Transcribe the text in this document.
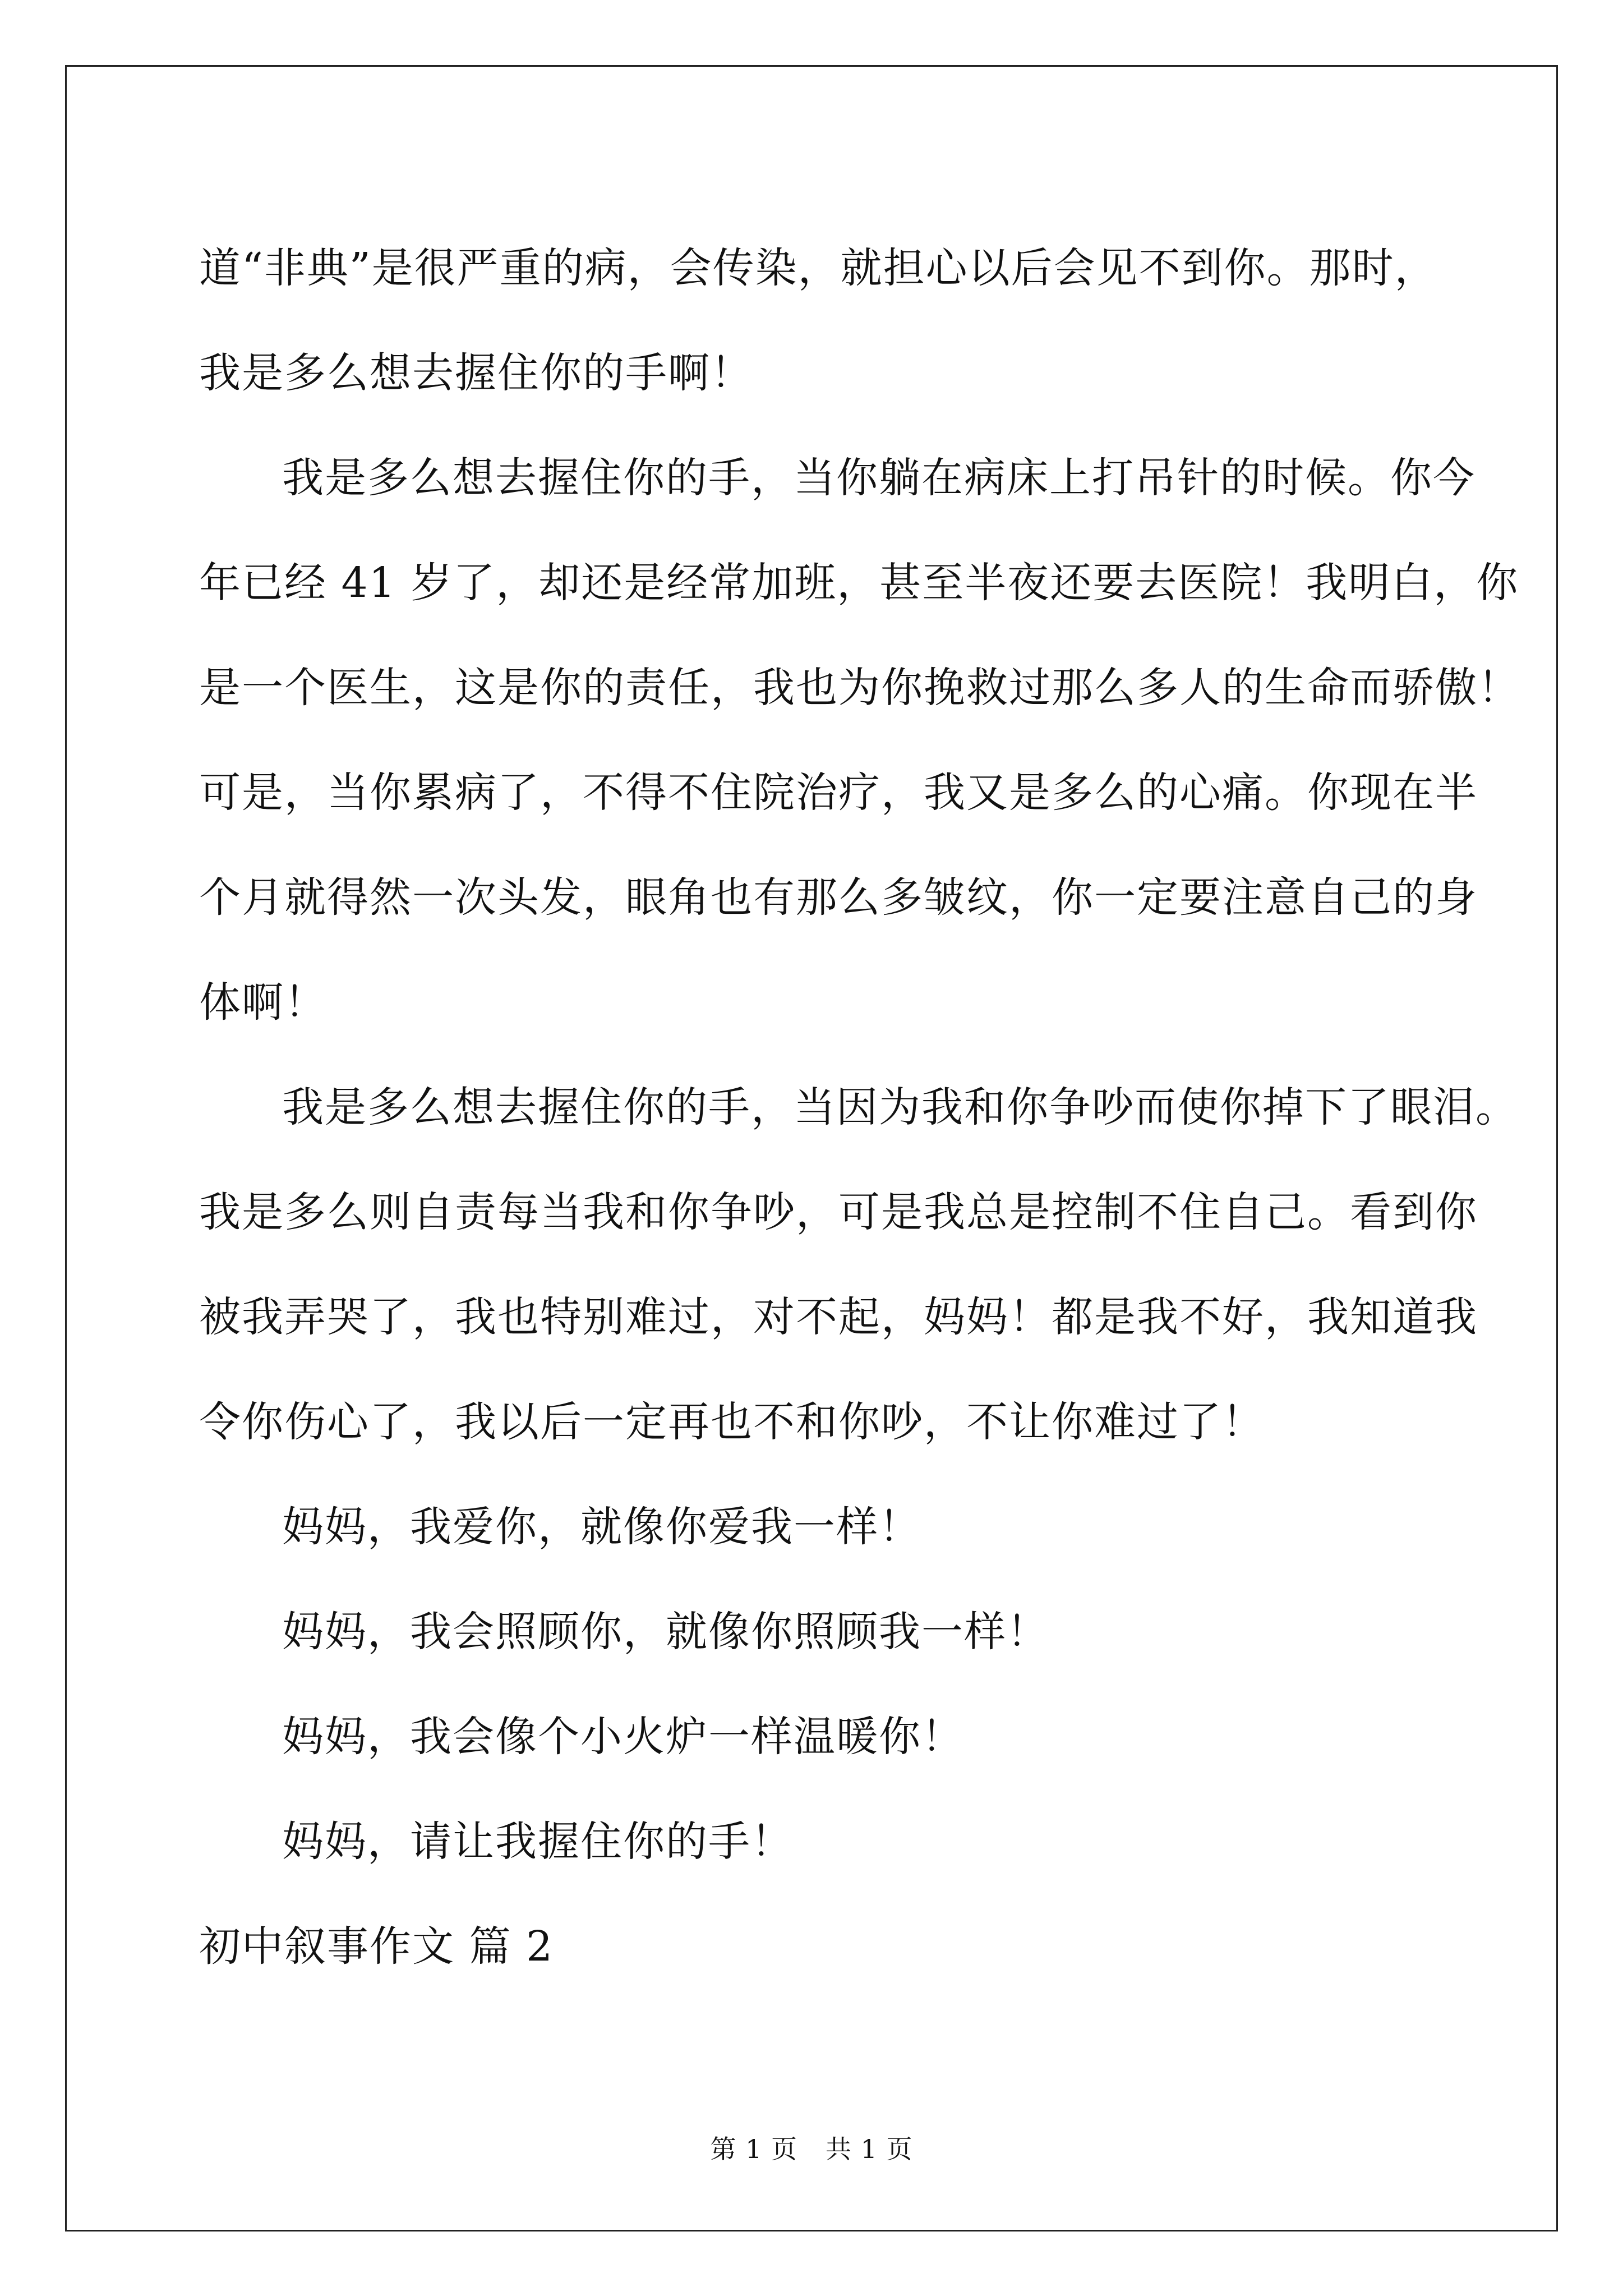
道“非典”是很严重的病，会传染，就担心以后会见不到你。那时，
我是多么想去握住你的手啊！
我是多么想去握住你的手，当你躺在病床上打吊针的时候。你今
年已经 41 岁了，却还是经常加班，甚至半夜还要去医院！我明白，你
是一个医生，这是你的责任，我也为你挽救过那么多人的生命而骄傲！
可是，当你累病了，不得不住院治疗，我又是多么的心痛。你现在半
个月就得然一次头发，眼角也有那么多皱纹，你一定要注意自己的身
体啊！
我是多么想去握住你的手，当因为我和你争吵而使你掉下了眼泪。
我是多么则自责每当我和你争吵，可是我总是控制不住自己。看到你
被我弄哭了，我也特别难过，对不起，妈妈！都是我不好，我知道我
令你伤心了，我以后一定再也不和你吵，不让你难过了！
妈妈，我爱你，就像你爱我一样！
妈妈，我会照顾你，就像你照顾我一样！
妈妈，我会像个小火炉一样温暖你！
妈妈，请让我握住你的手！
初中叙事作文 篇 2
第 1 页 共 1 页
